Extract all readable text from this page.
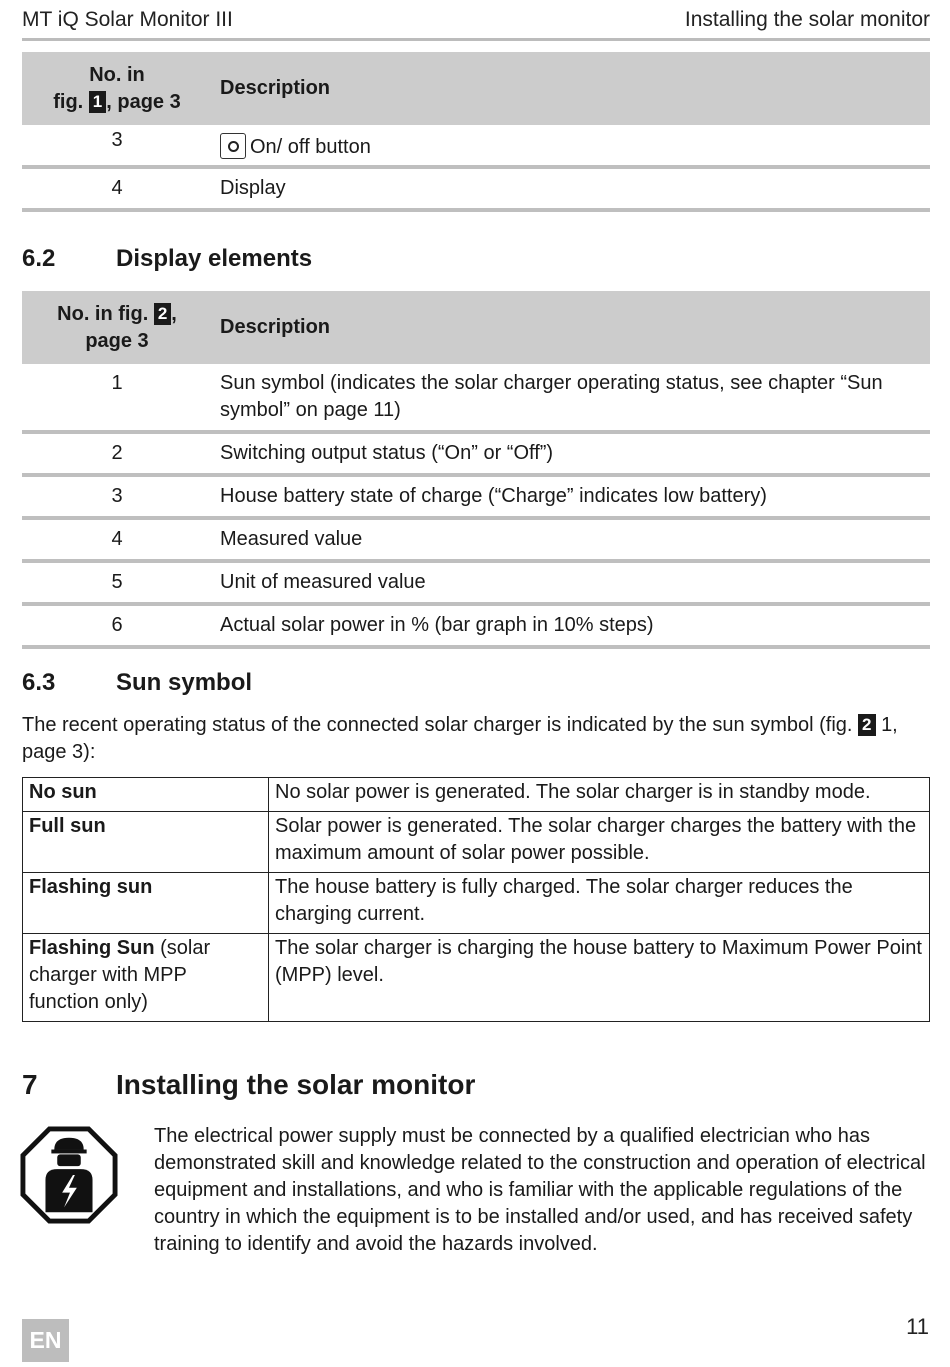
MT iQ Solar Monitor III	Installing the solar monitor
No. in
fig. 1 , page 3	Description
3	On/ off button
4	Display
6.2	Display elements
No. in fig. 2 ,
page 3	Description
1	Sun symbol (indicates the solar charger operating status, see chapter “Sun symbol” on page 11)
2	Switching output status (“On” or “Off”)
3	House battery state of charge (“Charge” indicates low battery)
4	Measured value
5	Unit of measured value
6	Actual solar power in % (bar graph in 10% steps)
6.3	Sun symbol
The recent operating status of the connected solar charger is indicated by the sun symbol (fig. 2 1, page 3):
No sun	No solar power is generated. The solar charger is in standby mode.
Full sun	Solar power is generated. The solar charger charges the battery with the maximum amount of solar power possible.
Flashing sun	The house battery is fully charged. The solar charger reduces the charging current.
Flashing Sun (solar charger with MPP function only)	The solar charger is charging the house battery to Maximum Power Point (MPP) level.
7	Installing the solar monitor
The electrical power supply must be connected by a qualified electrician who has demonstrated skill and knowledge related to the construction and operation of electrical equipment and installations, and who is familiar with the applicable regulations of the country in which the equipment is to be installed and/or used, and has received safety training to identify and avoid the hazards involved.
EN
11
